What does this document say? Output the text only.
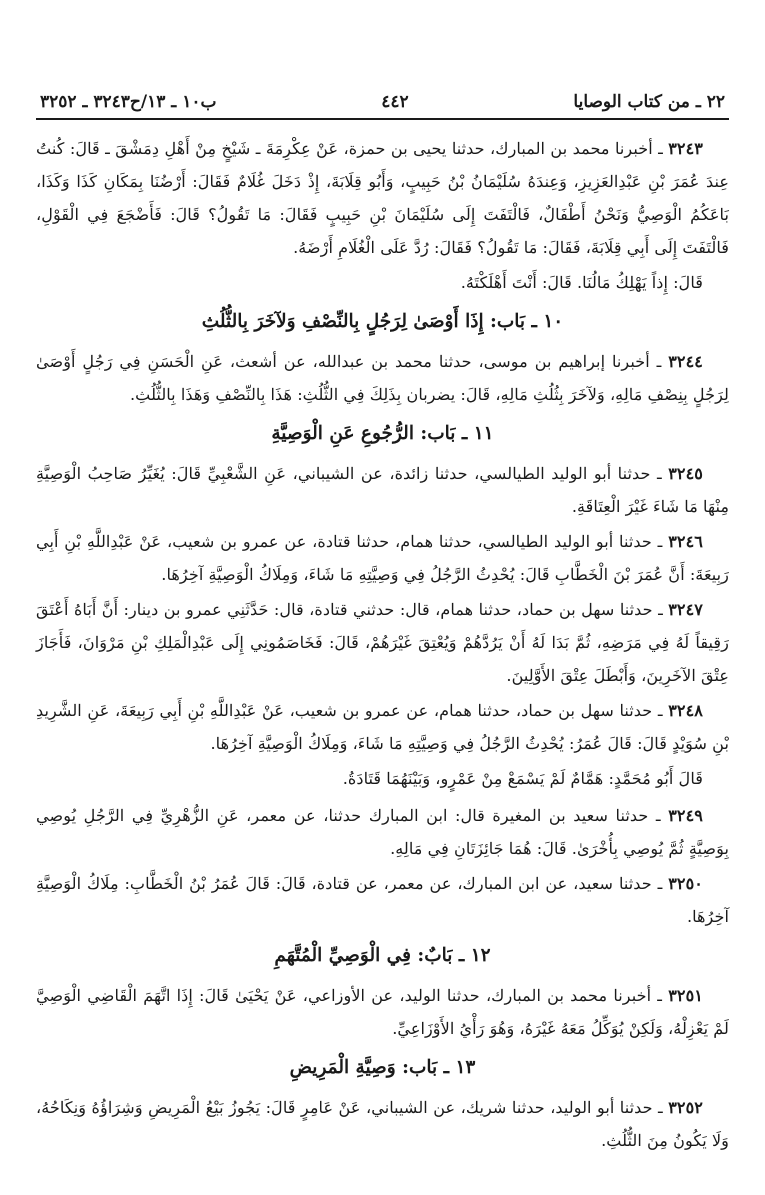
٢٢ ـ من كتاب الوصايا
٤٤٢
ب١٠ ـ ١٣/ح٣٢٤٣ ـ ٣٢٥٢

٣٢٤٣ ـ أخبرنا محمد بن المبارك، حدثنا يحيى بن حمزة، عَنْ عِكْرِمَةَ ـ شَيْخٍ مِنْ أَهْلِ دِمَشْقَ ـ قَالَ: كُنتُ عِندَ عُمَرَ بْنِ عَبْدِالعَزِيزِ، وَعِندَهُ سُلَيْمَانُ بْنُ حَبِيبٍ، وَأَبُو قِلَابَةَ، إِذْ دَخَلَ غُلَامٌ فَقَالَ: أَرْضُنَا بِمَكَانِ كَذَا وَكَذَا، بَاعَكُمُ الْوَصِيُّ وَنَحْنُ أَطْفَالٌ، فَالْتَفَتَ إِلَى سُلَيْمَانَ بْنِ حَبِيبٍ فَقَالَ: مَا تَقُولُ؟ قَالَ: فَأَضْجَعَ فِي الْقَوْلِ، فَالْتَفَتَ إِلَى أَبِي قِلَابَةَ، فَقَالَ: مَا تَقُولُ؟ فَقَالَ: رُدَّ عَلَى الْغُلَامِ أَرْضَهُ.

قَالَ: إِذاً يَهْلِكُ مَالُنَا. قَالَ: أَنْتَ أَهْلَكْتَهُ.

١٠ ـ بَاب: إِذَا أَوْصَىٰ لِرَجُلٍ بِالنِّصْفِ وَلآخَرَ بِالثُّلُثِ

٣٢٤٤ ـ أخبرنا إبراهيم بن موسى، حدثنا محمد بن عبدالله، عن أشعث، عَنِ الْحَسَنِ فِي رَجُلٍ أَوْصَىٰ لِرَجُلٍ بِنِصْفِ مَالِهِ، وَلآخَرَ بِثُلُثِ مَالِهِ، قَالَ: يضربان بِذَلِكَ فِي الثُّلُثِ: هَذَا بِالنِّصْفِ وَهَذَا بِالثُّلُثِ.

١١ ـ بَاب: الرُّجُوعِ عَنِ الْوَصِيَّةِ

٣٢٤٥ ـ حدثنا أبو الوليد الطيالسي، حدثنا زائدة، عن الشيباني، عَنِ الشَّعْبِيِّ قَالَ: يُغَيِّرُ صَاحِبُ الْوَصِيَّةِ مِنْهَا مَا شَاءَ غَيْرَ الْعِتَاقَةِ.

٣٢٤٦ ـ حدثنا أبو الوليد الطيالسي، حدثنا همام، حدثنا قتادة، عن عمرو بن شعيب، عَنْ عَبْدِاللَّهِ بْنِ أَبِي رَبِيعَةَ: أَنَّ عُمَرَ بْنَ الْخَطَّابِ قَالَ: يُحْدِثُ الرَّجُلُ فِي وَصِيَّتِهِ مَا شَاءَ، وَمِلَاكُ الْوَصِيَّةِ آخِرُهَا.

٣٢٤٧ ـ حدثنا سهل بن حماد، حدثنا همام، قال: حدثني قتادة، قال: حَدَّثَنِي عمرو بن دينار: أَنَّ أَبَاهُ أَعْتَقَ رَقِيقاً لَهُ فِي مَرَضِهِ، ثُمَّ بَدَا لَهُ أَنْ يَرُدَّهُمْ وَيُعْتِقَ غَيْرَهُمْ، قَالَ: فَخَاصَمُونِي إِلَى عَبْدِالْمَلِكِ بْنِ مَرْوَانَ، فَأَجَازَ عِتْقَ الآخَرِينَ، وَأَبْطَلَ عِتْقَ الأَوَّلِينَ.

٣٢٤٨ ـ حدثنا سهل بن حماد، حدثنا همام، عن عمرو بن شعيب، عَنْ عَبْدِاللَّهِ بْنِ أَبِي رَبِيعَةَ، عَنِ الشَّرِيدِ بْنِ سُوَيْدٍ قَالَ: قَالَ عُمَرُ: يُحْدِثُ الرَّجُلُ فِي وَصِيَّتِهِ مَا شَاءَ، وَمِلَاكُ الْوَصِيَّةِ آخِرُهَا.

قَالَ أَبُو مُحَمَّدٍ: هَمَّامٌ لَمْ يَسْمَعْ مِنْ عَمْرٍو، وَبَيْنَهُمَا قَتَادَةُ.

٣٢٤٩ ـ حدثنا سعيد بن المغيرة قال: ابن المبارك حدثنا، عن معمر، عَنِ الزُّهْرِيِّ فِي الرَّجُلِ يُوصِي بِوَصِيَّةٍ ثُمَّ يُوصِي بِأُخْرَىٰ. قَالَ: هُمَا جَائِزَتَانِ فِي مَالِهِ.

٣٢٥٠ ـ حدثنا سعيد، عن ابن المبارك، عن معمر، عن قتادة، قَالَ: قَالَ عُمَرُ بْنُ الْخَطَّابِ: مِلَاكُ الْوَصِيَّةِ آخِرُهَا.

١٢ ـ بَابٌ: فِي الْوَصِيِّ الْمُتَّهَمِ

٣٢٥١ ـ أخبرنا محمد بن المبارك، حدثنا الوليد، عن الأوزاعي، عَنْ يَحْيَىٰ قَالَ: إِذَا اتَّهَمَ الْقَاضِي الْوَصِيَّ لَمْ يَعْزِلْهُ، وَلَكِنْ يُوَكِّلُ مَعَهُ غَيْرَهُ، وَهُوَ رَأْيُ الأَوْزَاعِيِّ.

١٣ ـ بَاب: وَصِيَّةِ الْمَرِيضِ

٣٢٥٢ ـ حدثنا أبو الوليد، حدثنا شريك، عن الشيباني، عَنْ عَامِرٍ قَالَ: يَجُوزُ بَيْعُ الْمَرِيضِ وَشِرَاؤُهُ وَنِكَاحُهُ، وَلَا يَكُونُ مِنَ الثُّلُثِ.
